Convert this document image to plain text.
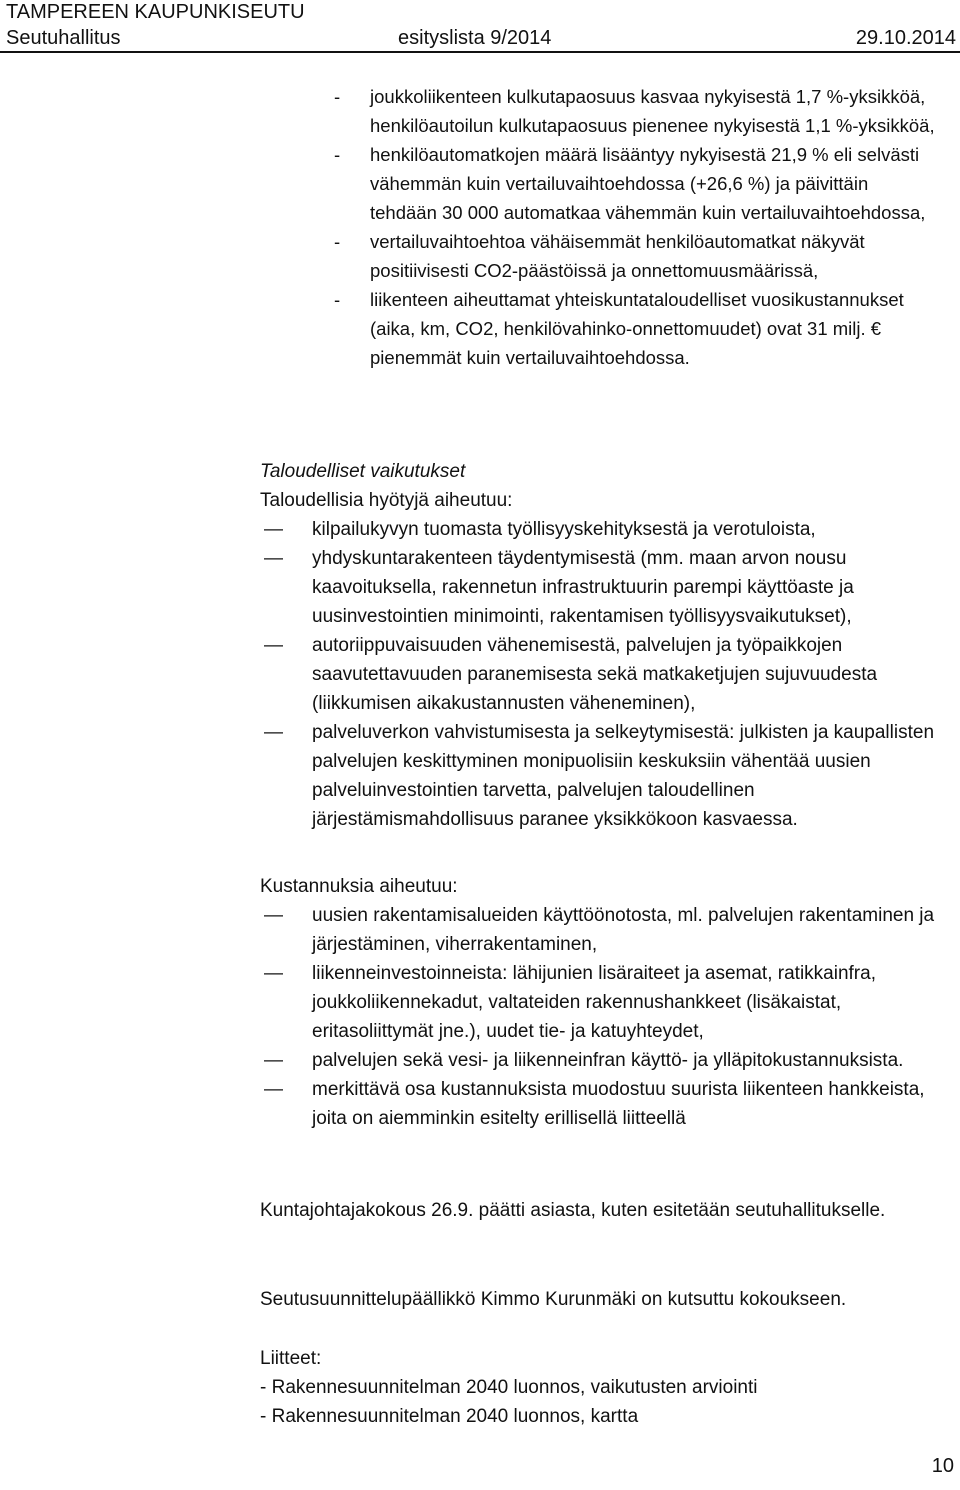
TAMPEREEN KAUPUNKISEUTU
Seutuhallitus	esityslista 9/2014	29.10.2014
- joukkoliikenteen kulkutapaosuus kasvaa nykyisestä 1,7 %-yksikköä, henkilöautoilun kulkutapaosuus pienenee nykyisestä 1,1 %-yksikköä,
- henkilöautomatkojen määrä lisääntyy nykyisestä 21,9 % eli selvästi vähemmän kuin vertailuvaihtoehdossa (+26,6 %) ja päivittäin tehdään 30 000 automatkaa vähemmän kuin vertailuvaihtoehdossa,
- vertailuvaihtoehtoa vähäisemmät henkilöautomatkat näkyvät positiivisesti CO2-päästöissä ja onnettomuusmäärissä,
- liikenteen aiheuttamat yhteiskuntataloudelliset vuosikustannukset (aika, km, CO2, henkilövahinko-onnettomuudet) ovat 31 milj. € pienemmät kuin vertailuvaihtoehdossa.
Taloudelliset vaikutukset
Taloudellisia hyötyjä aiheutuu:
— kilpailukyvyn tuomasta työllisyyskehityksestä ja verotuloista,
— yhdyskuntarakenteen täydentymisestä (mm. maan arvon nousu kaavoituksella, rakennetun infrastruktuurin parempi käyttöaste ja uusinvestointien minimointi, rakentamisen työllisyysvaikutukset),
— autoriippuvaisuuden vähenemisestä, palvelujen ja työpaikkojen saavutettavuuden paranemisesta sekä matkaketjujen sujuvuudesta (liikkumisen aikakustannusten väheneminen),
— palveluverkon vahvistumisesta ja selkeytymisestä: julkisten ja kaupallisten palvelujen keskittyminen monipuolisiin keskuksiin vähentää uusien palveluinvestointien tarvetta, palvelujen taloudellinen järjestämismahdollisuus paranee yksikkökoon kasvaessa.
Kustannuksia aiheutuu:
— uusien rakentamisalueiden käyttöönotosta, ml. palvelujen rakentaminen ja järjestäminen, viherrakentaminen,
— liikenneinvestoinneista: lähijunien lisäraiteet ja asemat, ratikkainfra, joukkoliikennekadut, valtateiden rakennushankkeet (lisäkaistat, eritasoliittymät jne.), uudet tie- ja katuyhteydet,
— palvelujen sekä vesi- ja liikenneinfran käyttö- ja ylläpitokustannuksista.
— merkittävä osa kustannuksista muodostuu suurista liikenteen hankkeista, joita on aiemminkin esitelty erillisellä liitteellä

Kuntajohtajakokous 26.9. päätti asiasta, kuten esitetään seutuhallitukselle.

Seutusuunnittelupäällikkö Kimmo Kurunmäki on kutsuttu kokoukseen.

Liitteet:
- Rakennesuunnitelman 2040 luonnos, vaikutusten arviointi
- Rakennesuunnitelman 2040 luonnos, kartta
10
